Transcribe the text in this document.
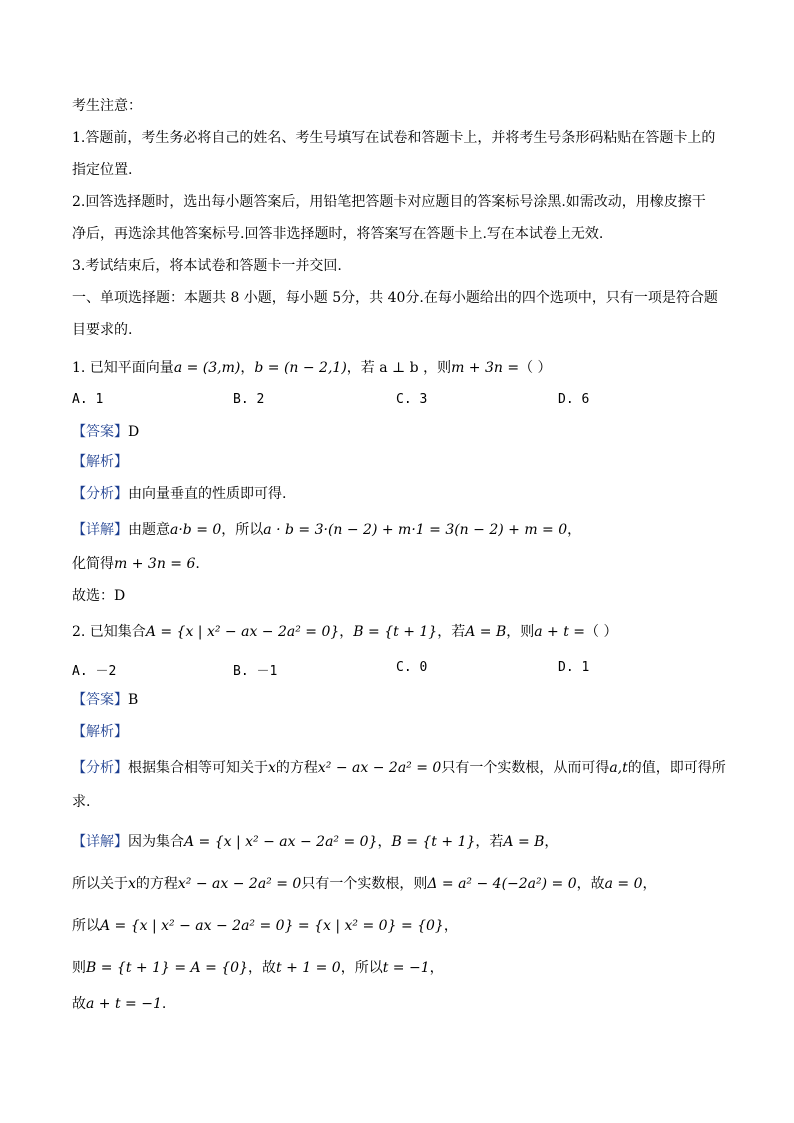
考生注意：
1.答题前，考生务必将自己的姓名、考生号填写在试卷和答题卡上，并将考生号条形码粘贴在答题卡上的
指定位置.
2.回答选择题时，选出每小题答案后，用铅笔把答题卡对应题目的答案标号涂黑.如需改动，用橡皮擦干
净后，再选涂其他答案标号.回答非选择题时，将答案写在答题卡上.写在本试卷上无效.
3.考试结束后，将本试卷和答题卡一并交回.
一、单项选择题：本题共 8 小题，每小题 5分，共 40分.在每小题给出的四个选项中，只有一项是符合题
目要求的.
1. 已知平面向量a = (3,m)，b = (n − 2,1)，若 a ⊥ b ，则m + 3n =（ ）
A. 1	B. 2	C. 3	D. 6
【答案】D
【解析】
【分析】由向量垂直的性质即可得.
【详解】由题意a·b = 0，所以a · b = 3·(n − 2) + m·1 = 3(n − 2) + m = 0，
化简得m + 3n = 6.
故选：D
2. 已知集合A = {x | x² − ax − 2a² = 0}，B = {t + 1}，若A = B，则a + t =（ ）
A. －2	B. －1	C. 0	D. 1
【答案】B
【解析】
【分析】根据集合相等可知关于x的方程x² − ax − 2a² = 0只有一个实数根，从而可得a,t的值，即可得所
求.
【详解】因为集合A = {x | x² − ax − 2a² = 0}，B = {t + 1}，若A = B，
所以关于x的方程x² − ax − 2a² = 0只有一个实数根，则Δ = a² − 4(−2a²) = 0，故a = 0，
所以A = {x | x² − ax − 2a² = 0} = {x | x² = 0} = {0}，
则B = {t + 1} = A = {0}，故t + 1 = 0，所以t = −1，
故a + t = −1.
